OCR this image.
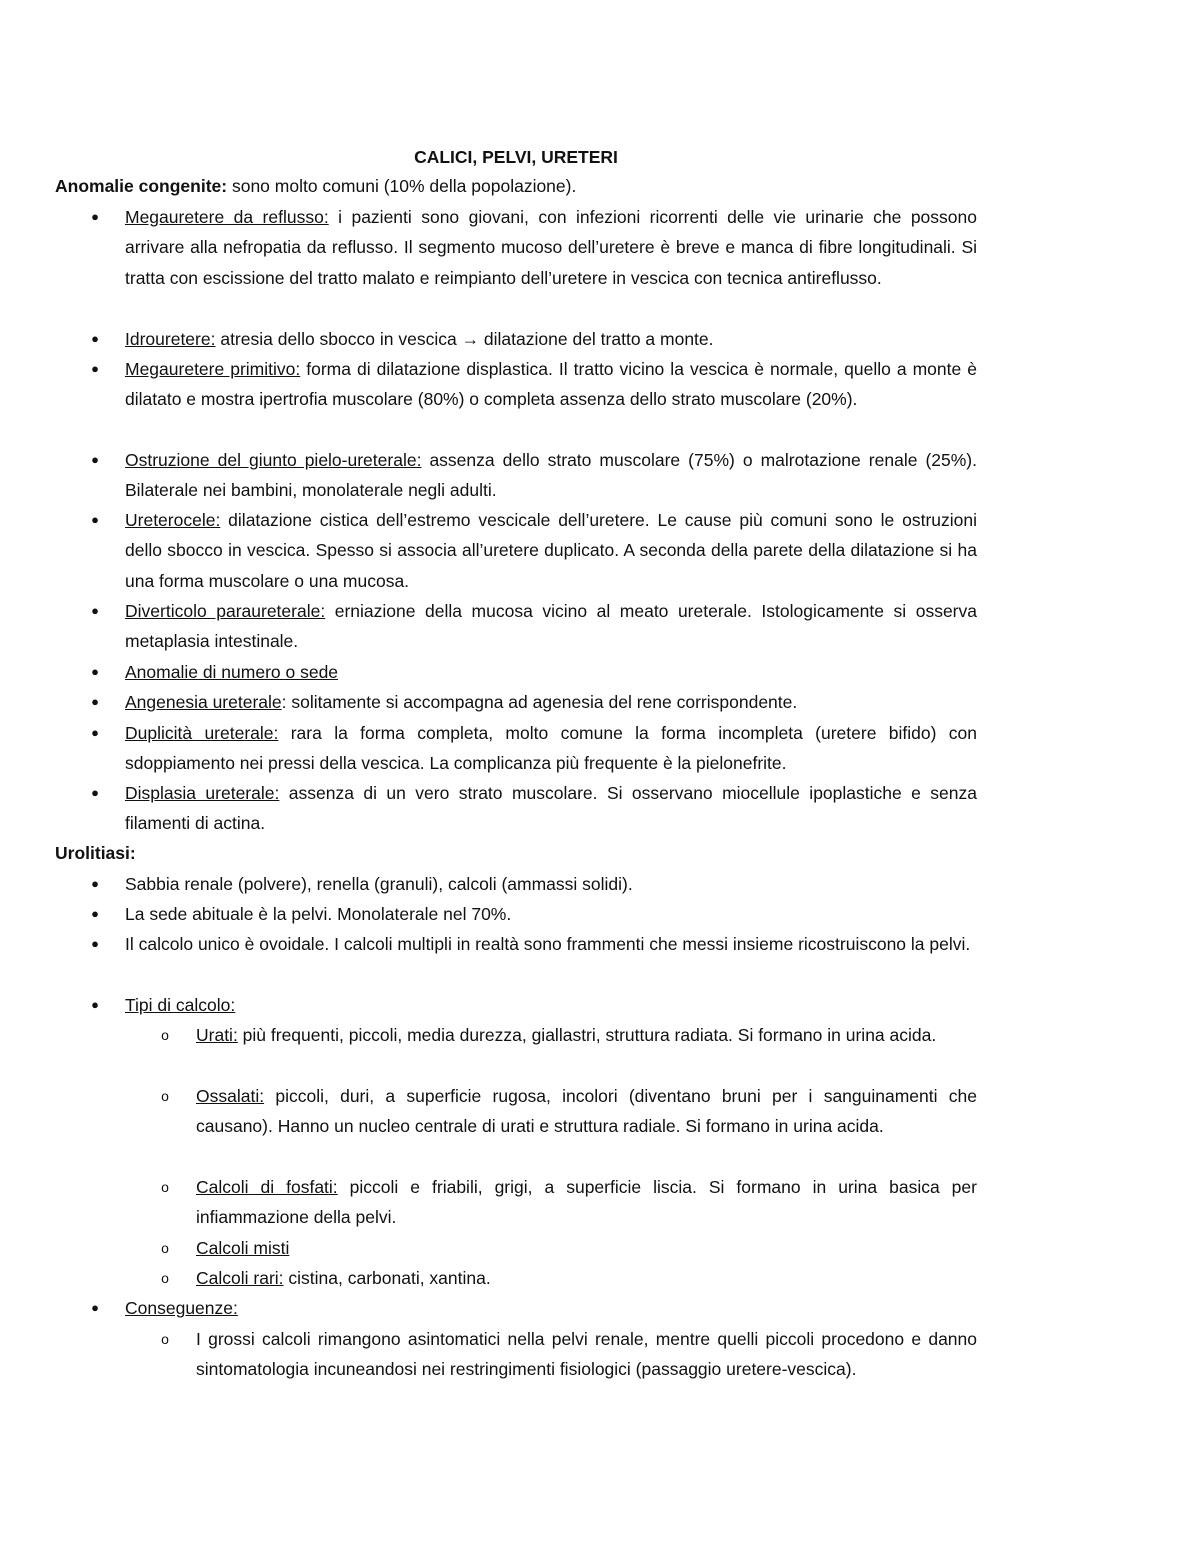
CALICI, PELVI, URETERI
Anomalie congenite: sono molto comuni (10% della popolazione).
● Megauretere da reflusso: i pazienti sono giovani, con infezioni ricorrenti delle vie urinarie che possono arrivare alla nefropatia da reflusso. Il segmento mucoso dell’uretere è breve e manca di fibre longitudinali. Si tratta con escissione del tratto malato e reimpianto dell’uretere in vescica con tecnica antireflusso.
● Idrouretere: atresia dello sbocco in vescica → dilatazione del tratto a monte.
● Megauretere primitivo: forma di dilatazione displastica. Il tratto vicino la vescica è normale, quello a monte è dilatato e mostra ipertrofia muscolare (80%) o completa assenza dello strato muscolare (20%).
● Ostruzione del giunto pielo-ureterale: assenza dello strato muscolare (75%) o malrotazione renale (25%). Bilaterale nei bambini, monolaterale negli adulti.
● Ureterocele: dilatazione cistica dell’estremo vescicale dell’uretere. Le cause più comuni sono le ostruzioni dello sbocco in vescica. Spesso si associa all’uretere duplicato. A seconda della parete della dilatazione si ha una forma muscolare o una mucosa.
● Diverticolo paraureterale: erniazione della mucosa vicino al meato ureterale. Istologicamente si osserva metaplasia intestinale.
● Anomalie di numero o sede
● Angenesia ureterale: solitamente si accompagna ad agenesia del rene corrispondente.
● Duplicità ureterale: rara la forma completa, molto comune la forma incompleta (uretere bifido) con sdoppiamento nei pressi della vescica. La complicanza più frequente è la pielonefrite.
● Displasia ureterale: assenza di un vero strato muscolare. Si osservano miocellule ipoplastiche e senza filamenti di actina.
Urolitiasi:
● Sabbia renale (polvere), renella (granuli), calcoli (ammassi solidi).
● La sede abituale è la pelvi. Monolaterale nel 70%.
● Il calcolo unico è ovoidale. I calcoli multipli in realtà sono frammenti che messi insieme ricostruiscono la pelvi.
● Tipi di calcolo:
o Urati: più frequenti, piccoli, media durezza, giallastri, struttura radiata. Si formano in urina acida.
o Ossalati: piccoli, duri, a superficie rugosa, incolori (diventano bruni per i sanguinamenti che causano). Hanno un nucleo centrale di urati e struttura radiale. Si formano in urina acida.
o Calcoli di fosfati: piccoli e friabili, grigi, a superficie liscia. Si formano in urina basica per infiammazione della pelvi.
o Calcoli misti
o Calcoli rari: cistina, carbonati, xantina.
● Conseguenze:
o I grossi calcoli rimangono asintomatici nella pelvi renale, mentre quelli piccoli procedono e danno sintomatologia incuneandosi nei restringimenti fisiologici (passaggio uretere-vescica).
